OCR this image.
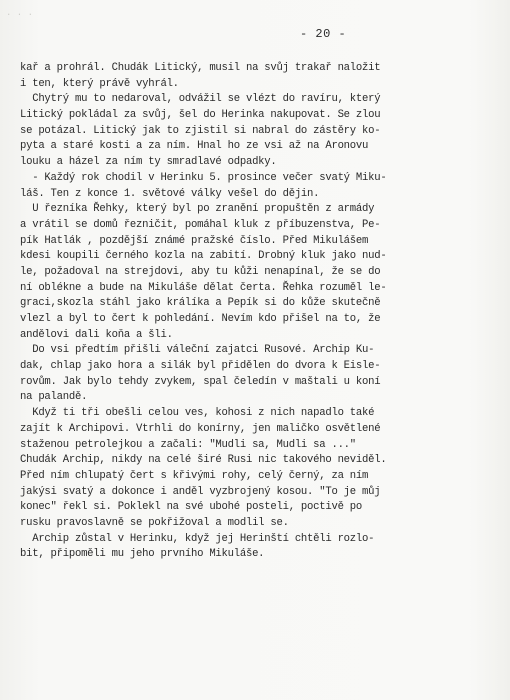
· · ·
- 20 -
kař a prohrál. Chudák Litický, musil na svůj trakař naložit
i ten, který právě vyhrál.
Chytrý mu to nedaroval, odvážil se vlézt do ravíru, který
Litický pokládal za svůj, šel do Herinka nakupovat. Se zlou
se potázal. Litický jak to zjistil si nabral do zástěry ko-
pyta a staré kosti a za ním. Hnal ho ze vsi až na Aronovu
louku a házel za ním ty smradlavé odpadky.
- Každý rok chodil v Herinku 5. prosince večer svatý Miku-
láš. Ten z konce 1. světové války vešel do dějin.
U řezníka Řehky, který byl po zranění propuštěn z armády
a vrátil se domů řezničit, pomáhal kluk z příbuzenstva, Pe-
pík Hatlák , pozdější známé pražské číslo. Před Mikulášem
kdesi koupili černého kozla na zabití. Drobný kluk jako nud-
le, požadoval na strejdovi, aby tu kůži nenapínal, že se do
ní oblékne a bude na Mikuláše dělat čerta. Řehka rozuměl le-
graci,skozla stáhl jako králíka a Pepík si do kůže skutečně
vlezl a byl to čert k pohledání. Nevím kdo přišel na to, že
andělovi dali koňa a šli.
Do vsi předtím přišli váleční zajatci Rusové. Archip Ku-
dak, chlap jako hora a silák byl přidělen do dvora k Eisle-
rovům. Jak bylo tehdy zvykem, spal čeledín v maštali u koní
na palandě.
Když ti tři obešli celou ves, kohosi z nich napadlo také
zajít k Archipovi. Vtrhli do konírny, jen maličko osvětlené
staženou petrolejkou a začali: "Mudli sa, Mudli sa ..."
Chudák Archip, nikdy na celé širé Rusi nic takového neviděl.
Před ním chlupatý čert s křivými rohy, celý černý, za ním
jakýsi svatý a dokonce i anděl vyzbrojený kosou. "To je můj
konec" řekl si. Poklekl na své ubohé posteli, poctivě po
rusku pravoslavně se pokřižoval a modlil se.
Archip zůstal v Herinku, když jej Herinští chtěli rozlo-
bit, připoměli mu jeho prvního Mikuláše.
